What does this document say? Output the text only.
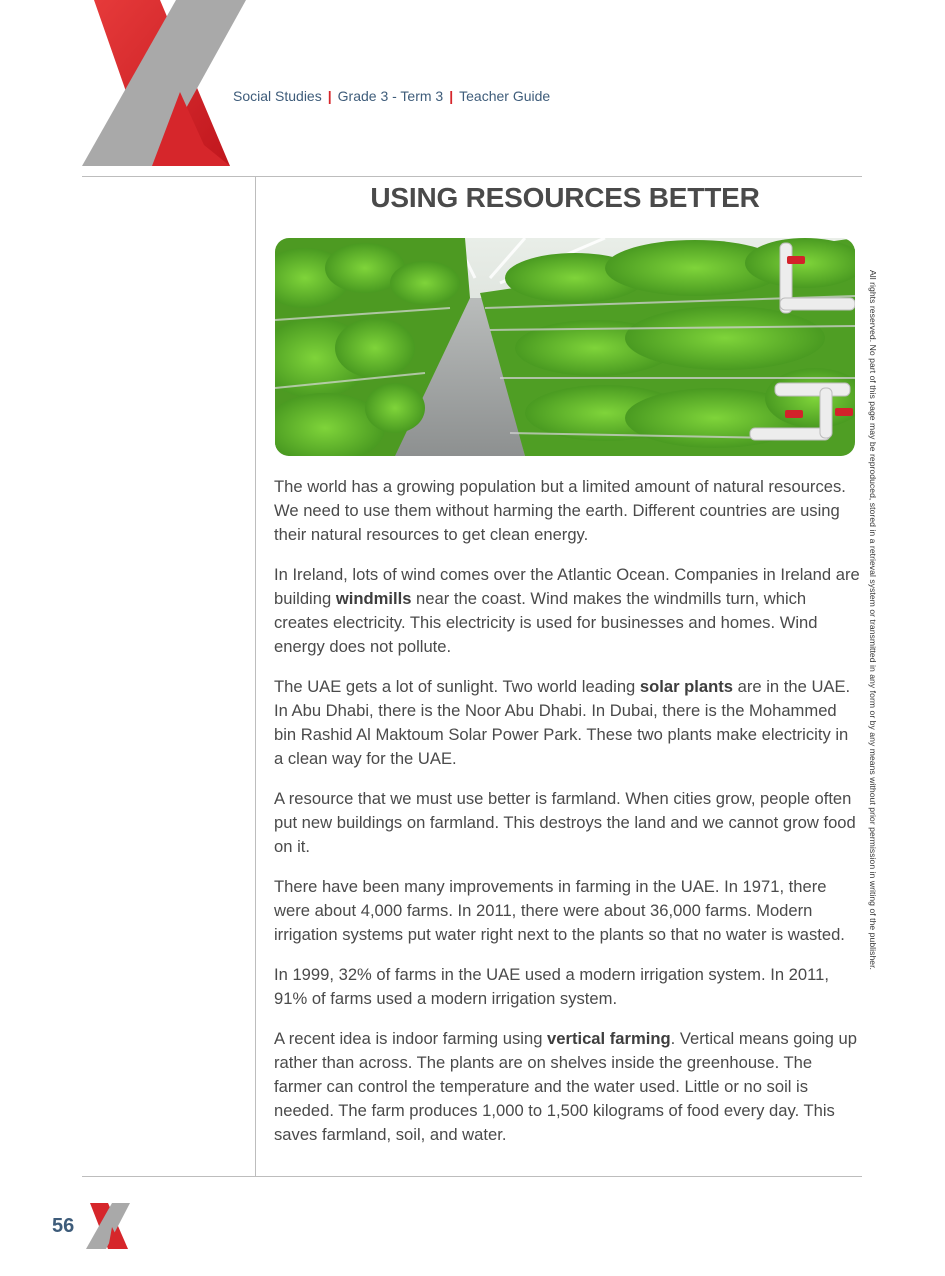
Social Studies | Grade 3 - Term 3 | Teacher Guide
USING RESOURCES BETTER

The world has a growing population but a limited amount of natural resources. We need to use them without harming the earth. Different countries are using their natural resources to get clean energy.

In Ireland, lots of wind comes over the Atlantic Ocean. Companies in Ireland are building windmills near the coast. Wind makes the windmills turn, which creates electricity. This electricity is used for businesses and homes. Wind energy does not pollute.

The UAE gets a lot of sunlight. Two world leading solar plants are in the UAE. In Abu Dhabi, there is the Noor Abu Dhabi. In Dubai, there is the Mohammed bin Rashid Al Maktoum Solar Power Park. These two plants make electricity in a clean way for the UAE.

A resource that we must use better is farmland. When cities grow, people often put new buildings on farmland. This destroys the land and we cannot grow food on it.

There have been many improvements in farming in the UAE. In 1971, there were about 4,000 farms. In 2011, there were about 36,000 farms. Modern irrigation systems put water right next to the plants so that no water is wasted.

In 1999, 32% of farms in the UAE used a modern irrigation system. In 2011, 91% of farms used a modern irrigation system.

A recent idea is indoor farming using vertical farming. Vertical means going up rather than across. The plants are on shelves inside the greenhouse. The farmer can control the temperature and the water used. Little or no soil is needed. The farm produces 1,000 to 1,500 kilograms of food every day. This saves farmland, soil, and water.

All rights reserved. No part of this page may be reproduced, stored in a retrieval system or transmitted in any form or by any means without prior permission in writing of the publisher.
56
